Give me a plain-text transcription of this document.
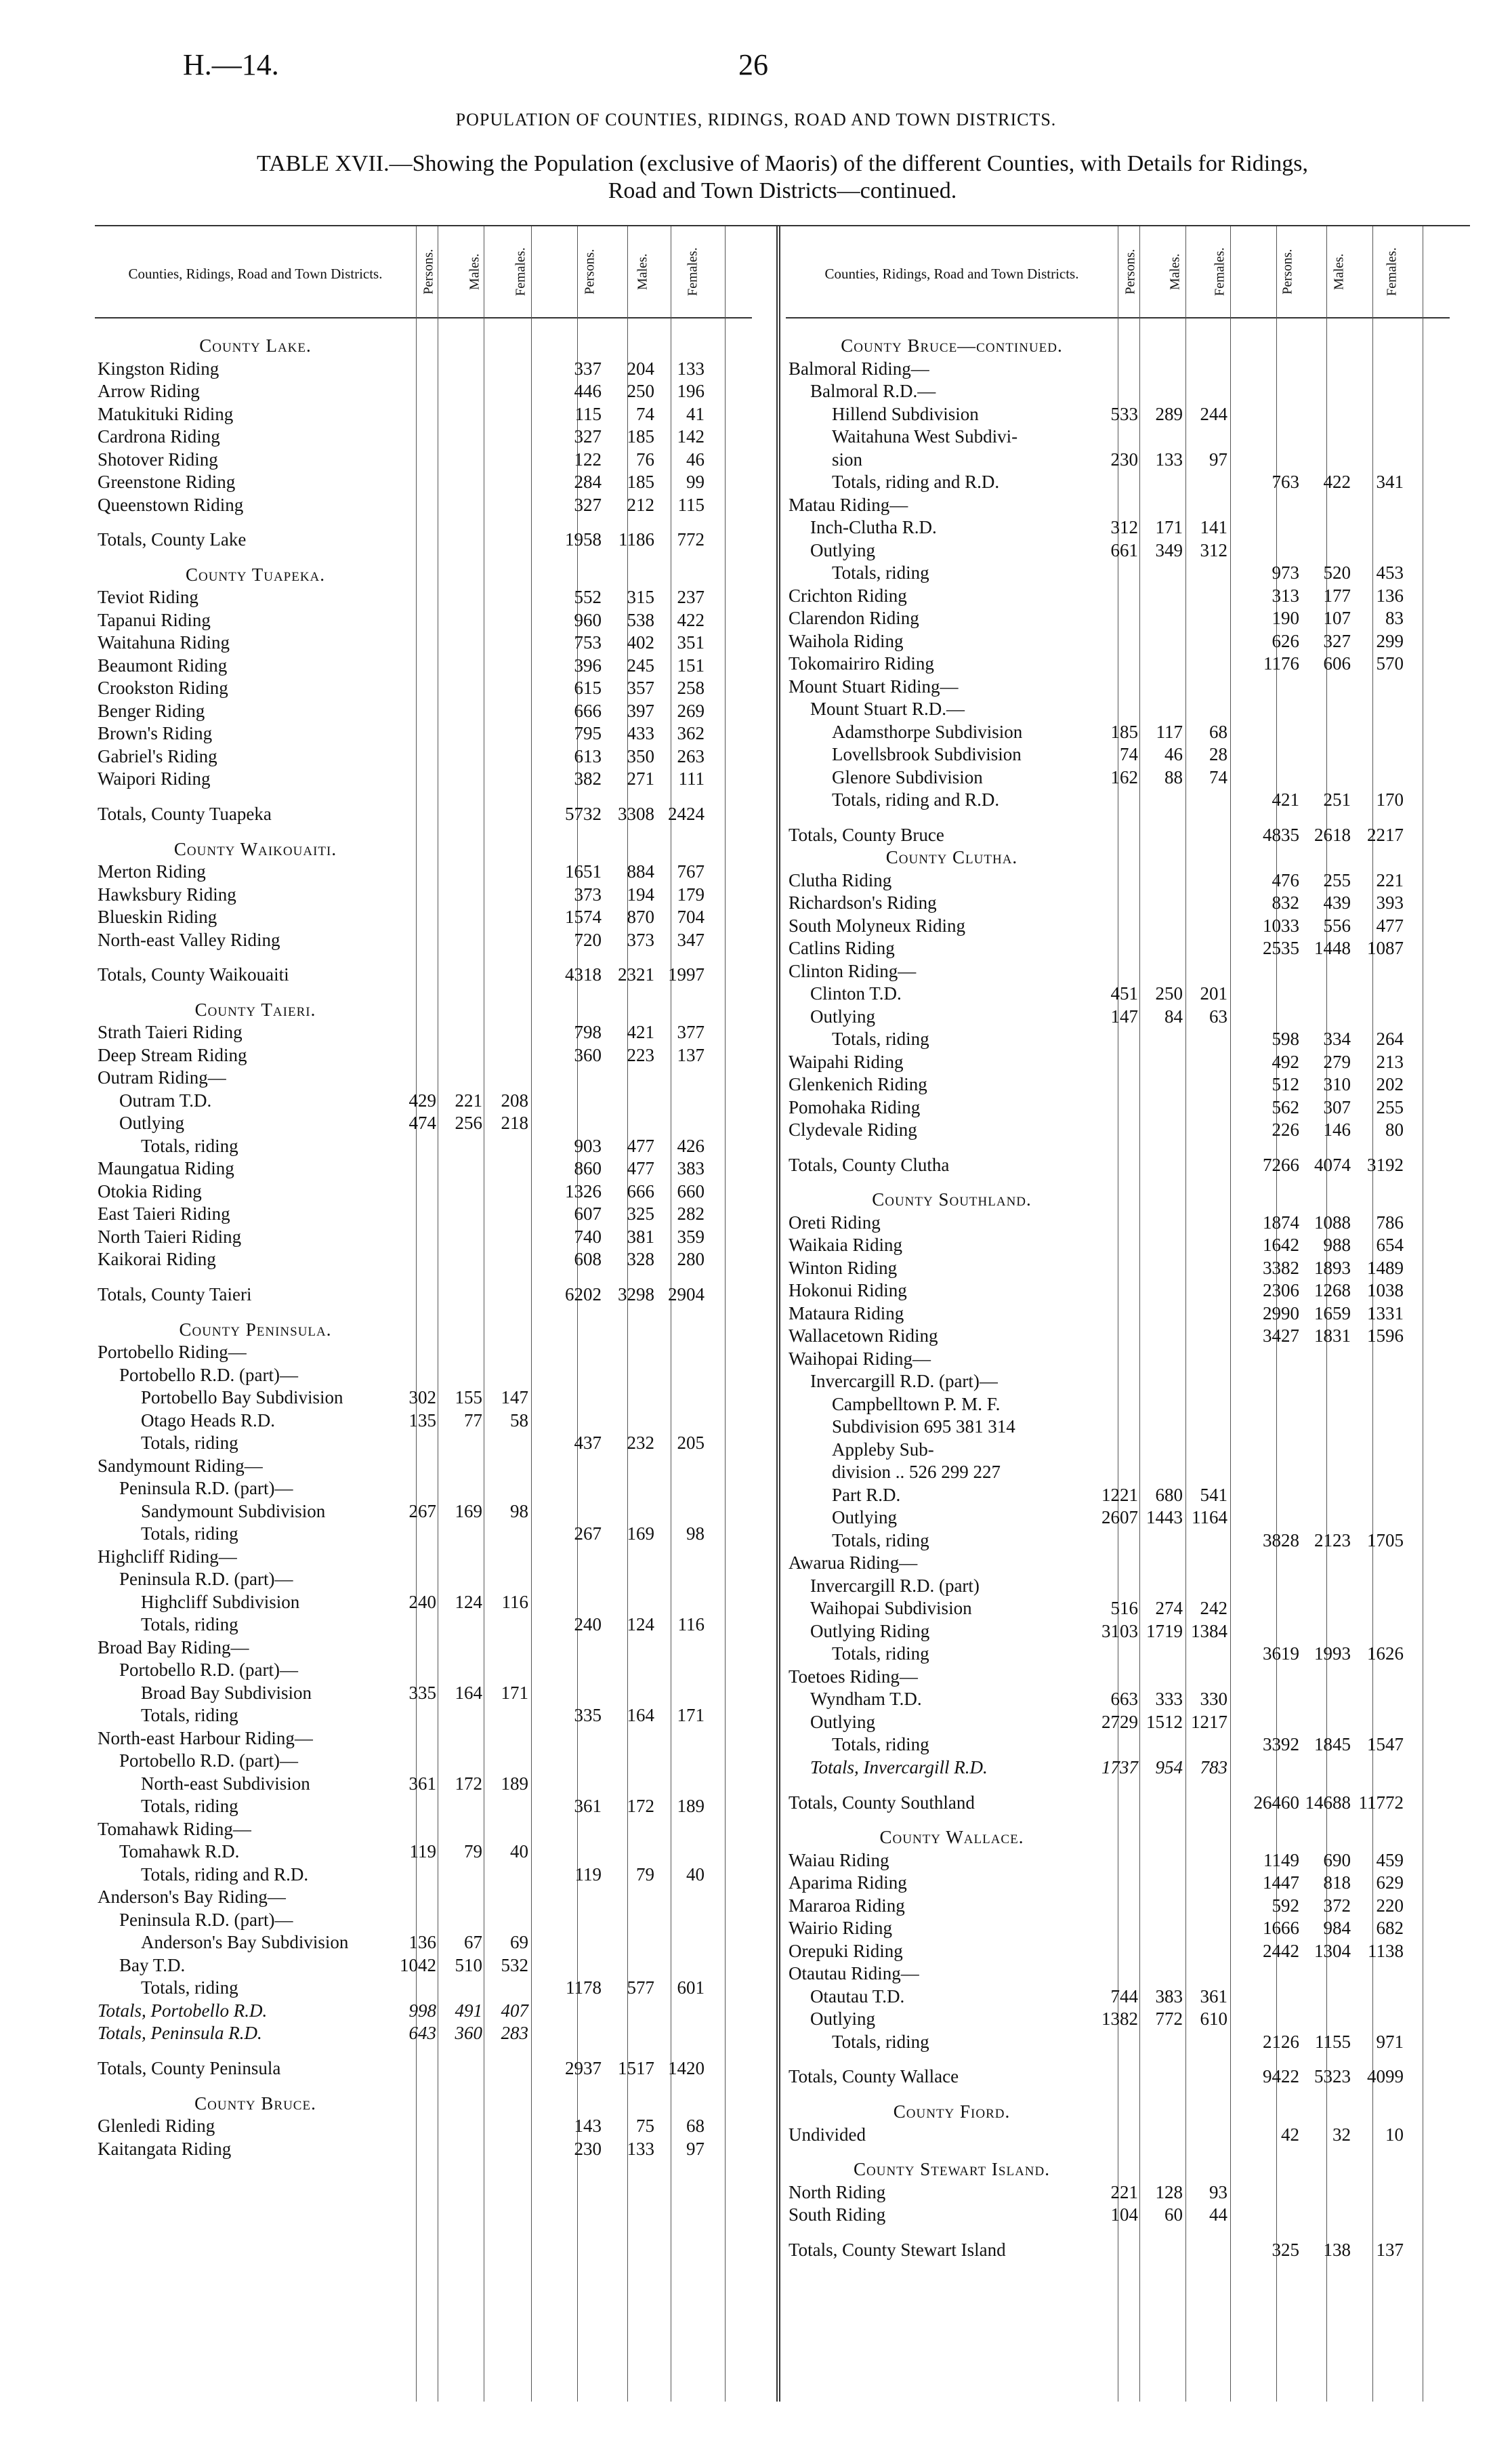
H.—14.	26
POPULATION OF COUNTIES, RIDINGS, ROAD AND TOWN DISTRICTS.
TABLE XVII.—Showing the Population (exclusive of Maoris) of the different Counties, with Details for Ridings,
Road and Town Districts—continued.
Counties, Ridings, Road and Town Districts.	Persons. Males. Females.	Persons.	Males.	Females.
County Lake.
Kingston Riding	337	204	133
Arrow Riding	446	250	196
Matukituki Riding	115	74	41
Cardrona Riding	327	185	142
Shotover Riding	122	76	46
Greenstone Riding	284	185	99
Queenstown Riding	327	212	115
Totals, County Lake	1958 1186	772
County Tuapeka.
Teviot Riding	552	315	237
Tapanui Riding	960	538	422
Waitahuna Riding	753	402	351
Beaumont Riding	396	245	151
Crookston Riding	615	357	258
Benger Riding	666	397	269
Brown's Riding	795	433	362
Gabriel's Riding	613	350	263
Waipori Riding	382	271	111
Totals, County Tuapeka	5732 3308 2424
County Waikouaiti.
Merton Riding	1651	884	767
Hawksbury Riding	373	194	179
Blueskin Riding	1574	870	704
North-east Valley Riding	720	373	347
Totals, County Waikouaiti	4318 2321 1997
County Taieri.
Strath Taieri Riding	798	421	377
Deep Stream Riding	360	223	137
Outram Riding—
Outram T.D.	429	221	208
Outlying	474	256	218
Totals, riding	903	477	426
Maungatua Riding	860	477	383
Otokia Riding	1326	666	660
East Taieri Riding	607	325	282
North Taieri Riding	740	381	359
Kaikorai Riding	608	328	280
Totals, County Taieri	6202 3298 2904
County Peninsula.
Portobello Riding—
Portobello R.D. (part)—
Portobello Bay Subdivision	302	155	147
Otago Heads R.D.	135	77	58
Totals, riding	437	232	205
Sandymount Riding—
Peninsula R.D. (part)—
Sandymount Subdivision	267	169	98
Totals, riding	267	169	98
Highcliff Riding—
Peninsula R.D. (part)—
Highcliff Subdivision	240	124	116
Totals, riding	240	124	116
Broad Bay Riding—
Portobello R.D. (part)—
Broad Bay Subdivision	335	164	171
Totals, riding	335	164	171
North-east Harbour Riding—
Portobello R.D. (part)—
North-east Subdivision	361	172	189
Totals, riding	361	172	189
Tomahawk Riding—
Tomahawk R.D.	119	79	40
Totals, riding and R.D.	119	79	40
Anderson's Bay Riding—
Peninsula R.D. (part)—
Anderson's Bay Subdivision	136	67	69
Bay T.D.	1042	510	532
Totals, riding	1178	577	601
Totals, Portobello R.D.	998	491	407
Totals, Peninsula R.D.	643	360	283
Totals, County Peninsula	2937 1517 1420
County Bruce.
Glenledi Riding	143	75	68
Kaitangata Riding	230	133	97
Counties, Ridings, Road and Town Districts.	Persons. Males. Females.	Persons.	Males.	Females.
County Bruce—continued.
Balmoral Riding—
Balmoral R.D.—
Hillend Subdivision	533 289 244
Waitahuna West Subdivi-
sion	230 133	97
Totals, riding and R.D.	763	422	341
Matau Riding—
Inch-Clutha R.D.	312 171 141
Outlying	661 349 312
Totals, riding	973	520	453
Crichton Riding	313	177	136
Clarendon Riding	190	107	83
Waihola Riding	626	327	299
Tokomairiro Riding	1176	606	570
Mount Stuart Riding—
Mount Stuart R.D.—
Adamsthorpe Subdivision	185 117	68
Lovellsbrook Subdivision	74	46	28
Glenore Subdivision	162	88	74
Totals, riding and R.D.	421	251	170
Totals, County Bruce	4835 2618 2217
County Clutha.
Clutha Riding	476	255	221
Richardson's Riding	832	439	393
South Molyneux Riding	1033	556	477
Catlins Riding	2535 1448 1087
Clinton Riding—
Clinton T.D.	451 250 201
Outlying	147	84	63
Totals, riding	598	334	264
Waipahi Riding	492	279	213
Glenkenich Riding	512	310	202
Pomohaka Riding	562	307	255
Clydevale Riding	226	146	80
Totals, County Clutha	7266 4074 3192
County Southland.
Oreti Riding	1874 1088	786
Waikaia Riding	1642	988	654
Winton Riding	3382 1893 1489
Hokonui Riding	2306 1268 1038
Mataura Riding	2990 1659 1331
Wallacetown Riding	3427 1831 1596
Waihopai Riding—
Invercargill R.D. (part)—
Campbelltown P. M. F.
Subdivision 695 381 314
Appleby Sub-
division .. 526 299 227
Part R.D.	1221 680 541
Outlying	2607 1443 1164
Totals, riding	3828 2123 1705
Awarua Riding—
Invercargill R.D. (part)
Waihopai Subdivision	516 274 242
Outlying Riding	3103 1719 1384
Totals, riding	3619 1993 1626
Toetoes Riding—
Wyndham T.D.	663 333 330
Outlying	2729 1512 1217
Totals, riding	3392 1845 1547
Totals, Invercargill R.D.	1737 954 783
Totals, County Southland	26460 14688 11772
County Wallace.
Waiau Riding	1149	690	459
Aparima Riding	1447	818	629
Mararoa Riding	592	372	220
Wairio Riding	1666	984	682
Orepuki Riding	2442 1304 1138
Otautau Riding—
Otautau T.D.	744 383 361
Outlying	1382 772 610
Totals, riding	2126 1155	971
Totals, County Wallace	9422 5323 4099
County Fiord.
Undivided	42	32	10
County Stewart Island.
North Riding	221 128	93
South Riding	104	60	44
Totals, County Stewart Island	325	138	137
